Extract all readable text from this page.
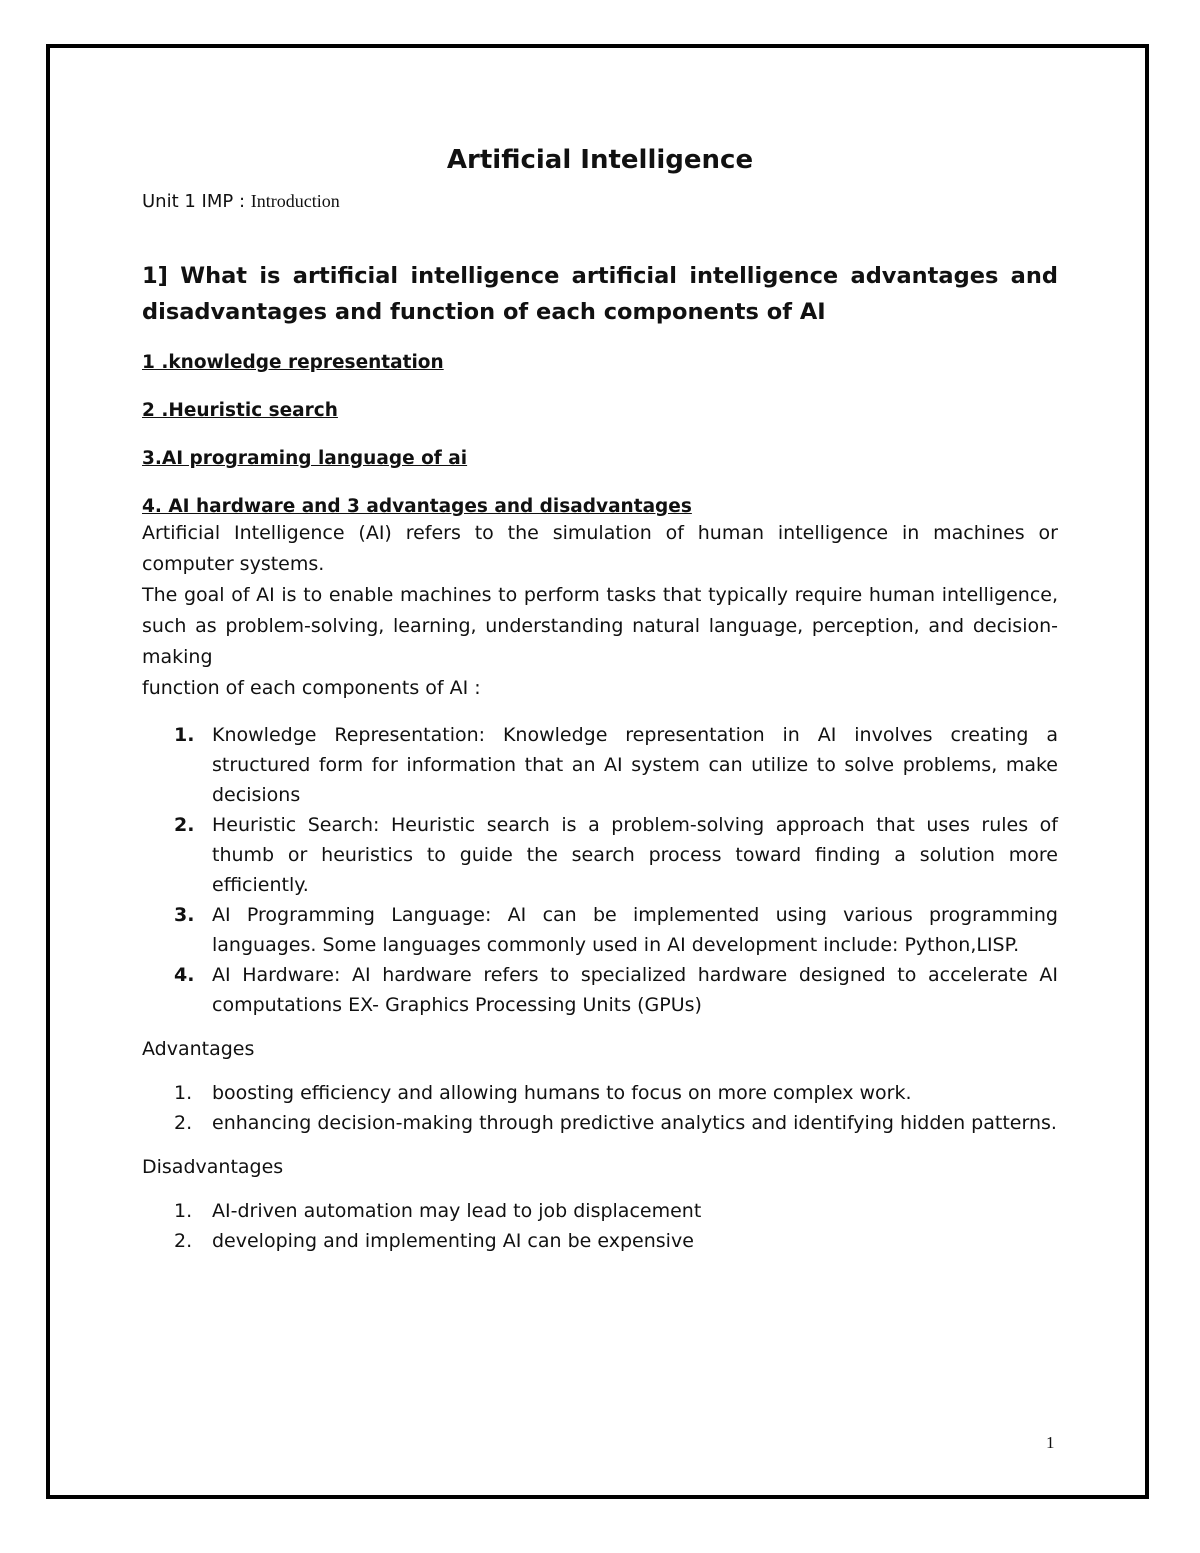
Artificial Intelligence

Unit 1 IMP : Introduction

1] What is artificial intelligence artificial intelligence advantages and disadvantages and function of each components of AI

1 .knowledge representation

2 .Heuristic search

3.AI programing language of ai

4. AI hardware and 3 advantages and disadvantages

Artificial Intelligence (AI) refers to the simulation of human intelligence in machines or computer systems.

The goal of AI is to enable machines to perform tasks that typically require human intelligence, such as problem-solving, learning, understanding natural language, perception, and decision-making

function of each components of AI :

1. Knowledge Representation: Knowledge representation in AI involves creating a structured form for information that an AI system can utilize to solve problems, make decisions
2. Heuristic Search: Heuristic search is a problem-solving approach that uses rules of thumb or heuristics to guide the search process toward finding a solution more efficiently.
3. AI Programming Language: AI can be implemented using various programming languages. Some languages commonly used in AI development include: Python,LISP.
4. AI Hardware: AI hardware refers to specialized hardware designed to accelerate AI computations EX- Graphics Processing Units (GPUs)

Advantages

1. boosting efficiency and allowing humans to focus on more complex work.
2. enhancing decision-making through predictive analytics and identifying hidden patterns.

Disadvantages

1. AI-driven automation may lead to job displacement
2. developing and implementing AI can be expensive
1
